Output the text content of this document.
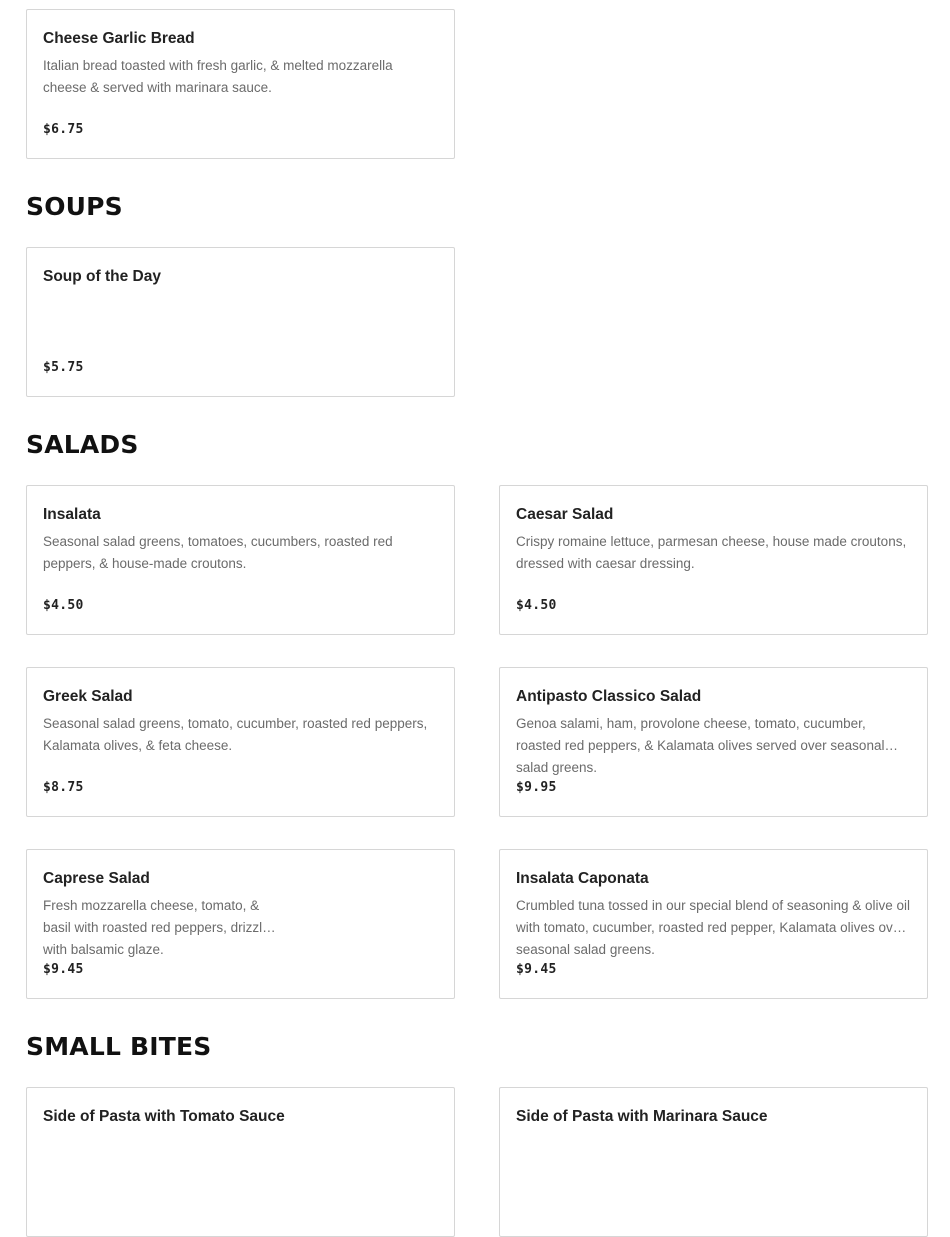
Cheese Garlic Bread
Italian bread toasted with fresh garlic, & melted mozzarella cheese & served with marinara sauce.
$6.75
SOUPS
Soup of the Day
$5.75
SALADS
Insalata
Seasonal salad greens, tomatoes, cucumbers, roasted red peppers, & house-made croutons.
$4.50
Caesar Salad
Crispy romaine lettuce, parmesan cheese, house made croutons, dressed with caesar dressing.
$4.50
Greek Salad
Seasonal salad greens, tomato, cucumber, roasted red peppers, Kalamata olives, & feta cheese.
$8.75
Antipasto Classico Salad
Genoa salami, ham, provolone cheese, tomato, cucumber, roasted red peppers, & Kalamata olives served over seasonal salad greens.
$9.95
Caprese Salad
Fresh mozzarella cheese, tomato, & basil with roasted red peppers, drizzled with balsamic glaze.
$9.45
Insalata Caponata
Crumbled tuna tossed in our special blend of seasoning & olive oil with tomato, cucumber, roasted red pepper, Kalamata olives over seasonal salad greens.
$9.45
SMALL BITES
Side of Pasta with Tomato Sauce	Side of Pasta with Marinara Sauce
